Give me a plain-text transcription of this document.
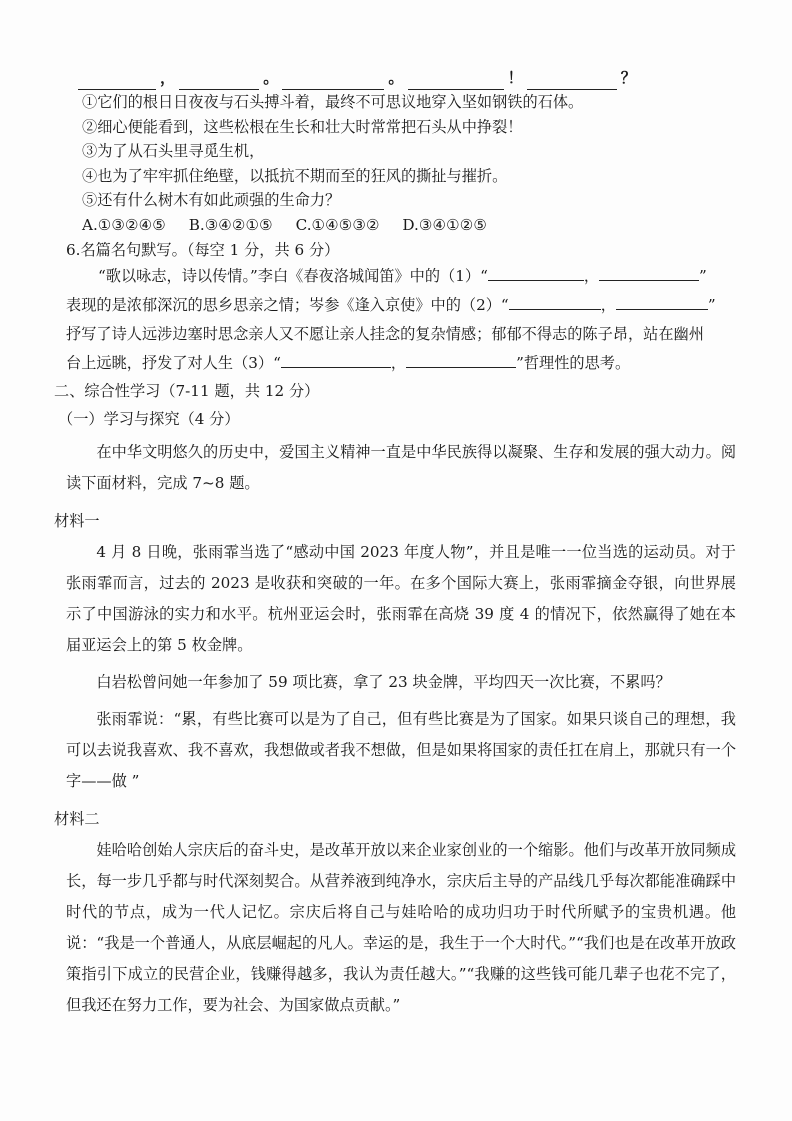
，	。	。	！	？
①它们的根日日夜夜与石头搏斗着，最终不可思议地穿入坚如钢铁的石体。
②细心便能看到，这些松根在生长和壮大时常常把石头从中挣裂！
③为了从石头里寻觅生机，
④也为了牢牢抓住绝壁，以抵抗不期而至的狂风的撕扯与摧折。
⑤还有什么树木有如此顽强的生命力？
A.①③②④⑤ B.③④②①⑤ C.①④⑤③② D.③④①②⑤
6.名篇名句默写。（每空 1 分，共 6 分）
“歌以咏志，诗以传情。”李白《春夜洛城闻笛》中的（1）“	，	”
表现的是浓郁深沉的思乡思亲之情；岑参《逢入京使》中的（2）“	，	”
抒写了诗人远涉边塞时思念亲人又不愿让亲人挂念的复杂情感；郁郁不得志的陈子昂，站在幽州
台上远眺，抒发了对人生（3）“	，	”哲理性的思考。
二、综合性学习（7-11 题，共 12 分）
（一）学习与探究（4 分）

在中华文明悠久的历史中，爱国主义精神一直是中华民族得以凝聚、生存和发展的强大动力。阅读下面材料，完成 7~8 题。

材料一

4 月 8 日晚，张雨霏当选了“感动中国 2023 年度人物”，并且是唯一一位当选的运动员。对于张雨霏而言，过去的 2023 是收获和突破的一年。在多个国际大赛上，张雨霏摘金夺银，向世界展示了中国游泳的实力和水平。杭州亚运会时，张雨霏在高烧 39 度 4 的情况下，依然赢得了她在本届亚运会上的第 5 枚金牌。

白岩松曾问她一年参加了 59 项比赛，拿了 23 块金牌，平均四天一次比赛，不累吗？

张雨霏说：“累，有些比赛可以是为了自己，但有些比赛是为了国家。如果只谈自己的理想，我可以去说我喜欢、我不喜欢，我想做或者我不想做，但是如果将国家的责任扛在肩上，那就只有一个字——做 ”

材料二

娃哈哈创始人宗庆后的奋斗史，是改革开放以来企业家创业的一个缩影。他们与改革开放同频成长，每一步几乎都与时代深刻契合。从营养液到纯净水，宗庆后主导的产品线几乎每次都能准确踩中时代的节点，成为一代人记忆。宗庆后将自己与娃哈哈的成功归功于时代所赋予的宝贵机遇。他说：“我是一个普通人，从底层崛起的凡人。幸运的是，我生于一个大时代。”“我们也是在改革开放政策指引下成立的民营企业，钱赚得越多，我认为责任越大。”“我赚的这些钱可能几辈子也花不完了，但我还在努力工作，要为社会、为国家做点贡献。”
